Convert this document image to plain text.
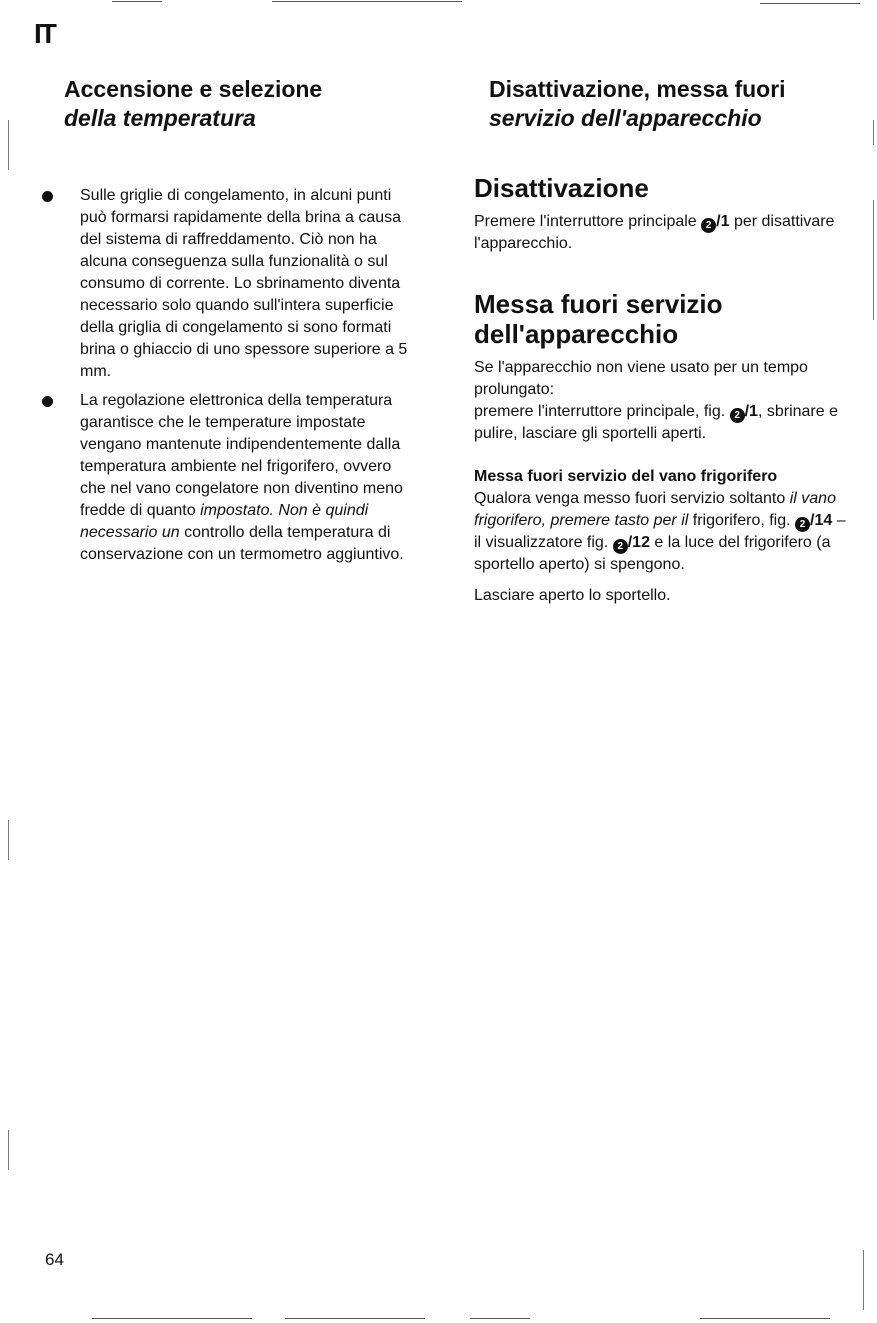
IT
Accensione e selezione
della temperatura
Sulle griglie di congelamento, in alcuni punti può formarsi rapidamente della brina a causa del sistema di raffreddamento. Ciò non ha alcuna conseguenza sulla funzionalità o sul consumo di corrente. Lo sbrinamento diventa necessario solo quando sull'intera superficie della griglia di congelamento si sono formati brina o ghiaccio di uno spessore superiore a 5 mm.
La regolazione elettronica della temperatura garantisce che le temperature impostate vengano mantenute indipendentemente dalla temperatura ambiente nel frigorifero, ovvero che nel vano congelatore non diventino meno fredde di quanto impostato. Non è quindi necessario un controllo della temperatura di conservazione con un termometro aggiuntivo.
Disattivazione, messa fuori
servizio dell'apparecchio
Disattivazione

Premere l'interruttore principale 2 /1 per disattivare l'apparecchio.

Messa fuori servizio
dell'apparecchio

Se l'apparecchio non viene usato per un tempo prolungato:

premere l'interruttore principale, fig. 2 /1, sbrinare e pulire, lasciare gli sportelli aperti.

Messa fuori servizio del vano frigorifero

Qualora venga messo fuori servizio soltanto il vano frigorifero, premere tasto per il frigorifero, fig. 2 /14 – il visualizzatore fig. 2 /12 e la luce del frigorifero (a sportello aperto) si spengono.

Lasciare aperto lo sportello.

64
